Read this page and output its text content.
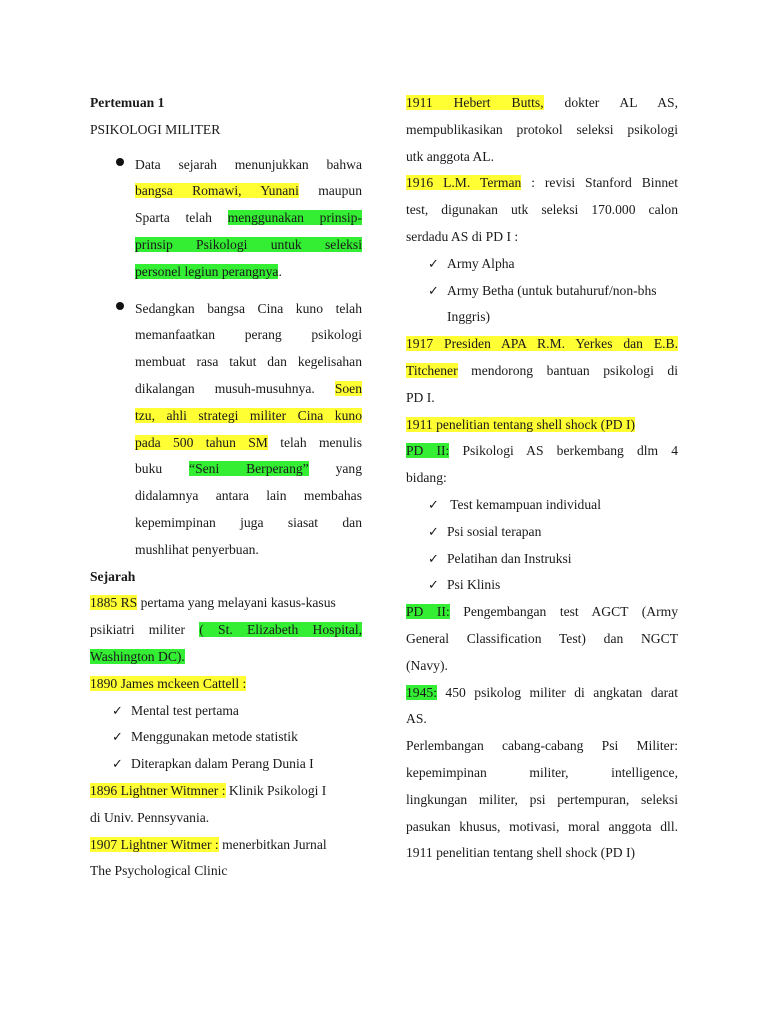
Pertemuan 1
PSIKOLOGI MILITER
Data sejarah menunjukkan bahwa
bangsa Romawi, Yunani maupun
Sparta telah menggunakan prinsip-
prinsip Psikologi untuk seleksi
personel legiun perangnya.
Sedangkan bangsa Cina kuno telah
memanfaatkan perang psikologi
membuat rasa takut dan kegelisahan
dikalangan musuh-musuhnya. Soen
tzu, ahli strategi militer Cina kuno
pada 500 tahun SM telah menulis
buku “Seni Berperang” yang
didalamnya antara lain membahas
kepemimpinan juga siasat dan
mushlihat penyerbuan.
Sejarah
1885 RS pertama yang melayani kasus-kasus
psikiatri militer ( St. Elizabeth Hospital,
Washington DC).
1890 James mckeen Cattell :
✓ Mental test pertama
✓ Menggunakan metode statistik
✓ Diterapkan dalam Perang Dunia I
1896 Lightner Witmner : Klinik Psikologi I
di Univ. Pennsyvania.
1907 Lightner Witmer : menerbitkan Jurnal
The Psychological Clinic
1911 Hebert Butts, dokter AL AS,
mempublikasikan protokol seleksi psikologi
utk anggota AL.
1916 L.M. Terman : revisi Stanford Binnet
test, digunakan utk seleksi 170.000 calon
serdadu AS di PD I :
✓ Army Alpha
✓ Army Betha (untuk butahuruf/non-bhs
Inggris)
1917 Presiden APA R.M. Yerkes dan E.B.
Titchener mendorong bantuan psikologi di
PD I.
1911 penelitian tentang shell shock (PD I)
PD II: Psikologi AS berkembang dlm 4
bidang:
✓ Test kemampuan individual
✓ Psi sosial terapan
✓ Pelatihan dan Instruksi
✓ Psi Klinis
PD II: Pengembangan test AGCT (Army
General Classification Test) dan NGCT
(Navy).
1945: 450 psikolog militer di angkatan darat
AS.
Perlembangan cabang-cabang Psi Militer:
kepemimpinan militer, intelligence,
lingkungan militer, psi pertempuran, seleksi
pasukan khusus, motivasi, moral anggota dll.
1911 penelitian tentang shell shock (PD I)
